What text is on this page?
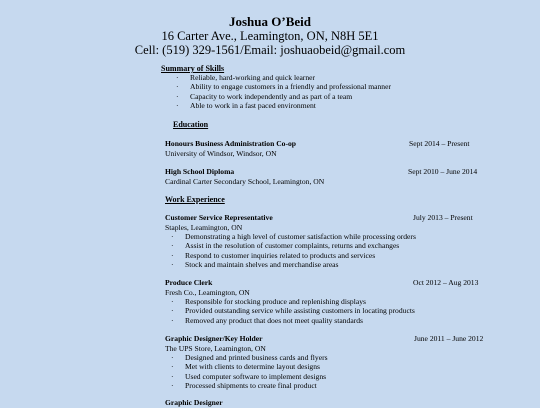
Joshua O’Beid
16 Carter Ave., Leamington, ON, N8H 5E1
Cell: (519) 329-1561/Email: joshuaobeid@gmail.com
Summary of Skills
· Reliable, hard-working and quick learner
· Ability to engage customers in a friendly and professional manner
· Capacity to work independently and as part of a team
· Able to work in a fast paced environment
Education
Honours Business Administration Co-op
University of Windsor, Windsor, ON
Sept 2014 – Present
High School Diploma
Cardinal Carter Secondary School, Leamington, ON
Sept 2010 – June 2014
Work Experience
Customer Service Representative
Staples, Leamington, ON
July 2013 – Present
· Demonstrating a high level of customer satisfaction while processing orders
· Assist in the resolution of customer complaints, returns and exchanges
· Respond to customer inquiries related to products and services
· Stock and maintain shelves and merchandise areas
Produce Clerk
Fresh Co., Leamington, ON
Oct 2012 – Aug 2013
· Responsible for stocking produce and replenishing displays
· Provided outstanding service while assisting customers in locating products
· Removed any product that does not meet quality standards
Graphic Designer/Key Holder
The UPS Store, Leamington, ON
June 2011 – June 2012
· Designed and printed business cards and flyers
· Met with clients to determine layout designs
· Used computer software to implement designs
· Processed shipments to create final product
Graphic Designer
